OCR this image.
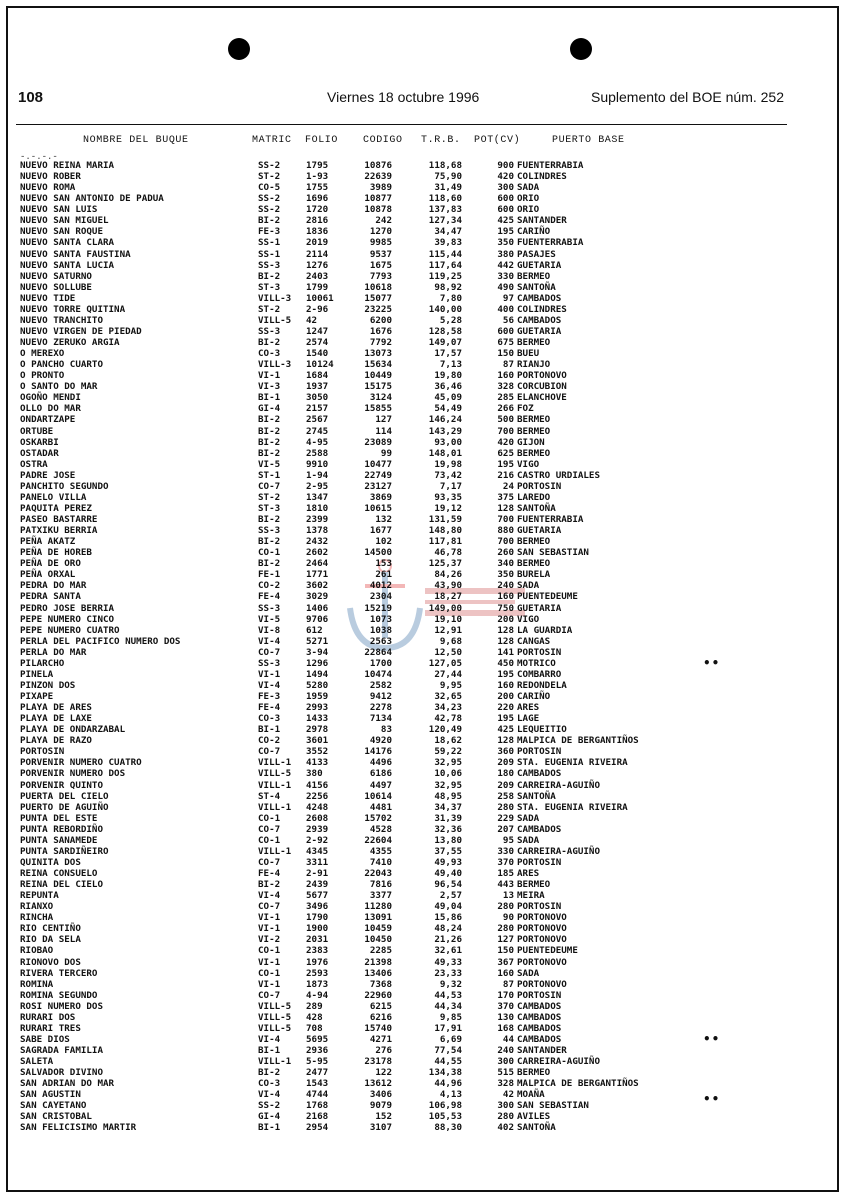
108	Viernes 18 octubre 1996	Suplemento del BOE núm. 252
NOMBRE DEL BUQUE	MATRIC FOLIO CODIGO T.R.B. POT(CV)	PUERTO BASE
-.-.-.-
NUEVO REINA MARIA	SS-2	1795	10876	118,68	900 FUENTERRABIA
NUEVO ROBER	ST-2	1-93	22639	75,90	420 COLINDRES
NUEVO ROMA	CO-5	1755	3989	31,49	300 SADA
NUEVO SAN ANTONIO DE PADUA	SS-2	1696	10877	118,60	600 ORIO
NUEVO SAN LUIS	SS-2	1720	10878	137,83	600 ORIO
NUEVO SAN MIGUEL	BI-2	2816	242	127,34	425 SANTANDER
NUEVO SAN ROQUE	FE-3	1836	1270	34,47	195 CARIÑO
NUEVO SANTA CLARA	SS-1	2019	9985	39,83	350 FUENTERRABIA
NUEVO SANTA FAUSTINA	SS-1	2114	9537	115,44	380 PASAJES
NUEVO SANTA LUCIA	SS-3	1276	1675	117,64	442 GUETARIA
NUEVO SATURNO	BI-2	2403	7793	119,25	330 BERMEO
NUEVO SOLLUBE	ST-3	1799	10618	98,92	490 SANTOÑA
NUEVO TIDE	VILL-3 10061	15077	7,80	97 CAMBADOS
NUEVO TORRE QUITINA	ST-2	2-96	23225	140,00	400 COLINDRES
NUEVO TRANCHITO	VILL-5 42	6200	5,28	56 CAMBADOS
NUEVO VIRGEN DE PIEDAD	SS-3	1247	1676	128,58	600 GUETARIA
NUEVO ZERUKO ARGIA	BI-2	2574	7792	149,07	675 BERMEO
O MEREXO	CO-3	1540	13073	17,57	150 BUEU
O PANCHO CUARTO	VILL-3 10124	15634	7,13	87 RIANJO
O PRONTO	VI-1	1684	10449	19,80	160 PORTONOVO
O SANTO DO MAR	VI-3	1937	15175	36,46	328 CORCUBION
OGOÑO MENDI	BI-1	3050	3124	45,09	285 ELANCHOVE
OLLO DO MAR	GI-4	2157	15855	54,49	266 FOZ
ONDARTZAPE	BI-2	2567	127	146,24	500 BERMEO
ORTUBE	BI-2	2745	114	143,29	700 BERMEO
OSKARBI	BI-2	4-95	23089	93,00	420 GIJON
OSTADAR	BI-2	2588	99	148,01	625 BERMEO
OSTRA	VI-5	9910	10477	19,98	195 VIGO
PADRE JOSE	ST-1	1-94	22749	73,42	216 CASTRO URDIALES
PANCHITO SEGUNDO	CO-7	2-95	23127	7,17	24 PORTOSIN
PANELO VILLA	ST-2	1347	3869	93,35	375 LAREDO
PAQUITA PEREZ	ST-3	1810	10615	19,12	128 SANTOÑA
PASEO BASTARRE	BI-2	2399	132	131,59	700 FUENTERRABIA
PATXIKU BERRIA	SS-3	1378	1677	148,80	880 GUETARIA
PEÑA AKATZ	BI-2	2432	102	117,81	700 BERMEO
PEÑA DE HOREB	CO-1	2602	14500	46,78	260 SAN SEBASTIAN
PEÑA DE ORO	BI-2	2464	153	125,37	340 BERMEO
PEÑA ORXAL	FE-1	1771	261	84,26	350 BURELA
PEDRA DO MAR	CO-2	3602	4012	43,90	240 SADA
PEDRA SANTA	FE-4	3029	2304	18,27	160 PUENTEDEUME
PEDRO JOSE BERRIA	SS-3	1406	15219	149,00	750 GUETARIA
PEPE NUMERO CINCO	VI-5	9706	1073	19,10	200 VIGO
PEPE NUMERO CUATRO	VI-8	612	1038	12,91	128 LA GUARDIA
PERLA DEL PACIFICO NUMERO DOS	VI-4	5271	2563	9,68	128 CANGAS
PERLA DO MAR	CO-7	3-94	22864	12,50	141 PORTOSIN
PILARCHO	SS-3	1296	1700	127,05	450 MOTRICO
PINELA	VI-1	1494	10474	27,44	195 COMBARRO
PINZON DOS	VI-4	5280	2582	9,95	160 REDONDELA
PIXAPE	FE-3	1959	9412	32,65	200 CARIÑO
PLAYA DE ARES	FE-4	2993	2278	34,23	220 ARES
PLAYA DE LAXE	CO-3	1433	7134	42,78	195 LAGE
PLAYA DE ONDARZABAL	BI-1	2978	83	120,49	425 LEQUEITIO
PLAYA DE RAZO	CO-2	3601	4920	18,62	128 MALPICA DE BERGANTIÑOS
PORTOSIN	CO-7	3552	14176	59,22	360 PORTOSIN
PORVENIR NUMERO CUATRO	VILL-1 4133	4496	32,95	209 STA. EUGENIA RIVEIRA
PORVENIR NUMERO DOS	VILL-5 380	6186	10,06	180 CAMBADOS
PORVENIR QUINTO	VILL-1 4156	4497	32,95	209 CARREIRA-AGUIÑO
PUERTA DEL CIELO	ST-4	2256	10614	48,95	258 SANTOÑA
PUERTO DE AGUIÑO	VILL-1 4248	4481	34,37	280 STA. EUGENIA RIVEIRA
PUNTA DEL ESTE	CO-1	2608	15702	31,39	229 SADA
PUNTA REBORDIÑO	CO-7	2939	4528	32,36	207 CAMBADOS
PUNTA SANAMEDE	CO-1	2-92	22604	13,80	95 SADA
PUNTA SARDIÑEIRO	VILL-1 4345	4355	37,55	330 CARREIRA-AGUIÑO
QUINITA DOS	CO-7	3311	7410	49,93	370 PORTOSIN
REINA CONSUELO	FE-4	2-91	22043	49,40	185 ARES
REINA DEL CIELO	BI-2	2439	7816	96,54	443 BERMEO
REPUNTA	VI-4	5677	3377	2,57	13 MEIRA
RIANXO	CO-7	3496	11280	49,04	280 PORTOSIN
RINCHA	VI-1	1790	13091	15,86	90 PORTONOVO
RIO CENTIÑO	VI-1	1900	10459	48,24	280 PORTONOVO
RIO DA SELA	VI-2	2031	10450	21,26	127 PORTONOVO
RIOBAO	CO-1	2383	2285	32,61	150 PUENTEDEUME
RIONOVO DOS	VI-1	1976	21398	49,33	367 PORTONOVO
RIVERA TERCERO	CO-1	2593	13406	23,33	160 SADA
ROMINA	VI-1	1873	7368	9,32	87 PORTONOVO
ROMINA SEGUNDO	CO-7	4-94	22960	44,53	170 PORTOSIN
ROSI NUMERO DOS	VILL-5 289	6215	44,34	370 CAMBADOS
RURARI DOS	VILL-5 428	6216	9,85	130 CAMBADOS
RURARI TRES	VILL-5 708	15740	17,91	168 CAMBADOS
SABE DIOS	VI-4	5695	4271	6,69	44 CAMBADOS
SAGRADA FAMILIA	BI-1	2936	276	77,54	240 SANTANDER
SALETA	VILL-1 5-95	23178	44,55	300 CARREIRA-AGUIÑO
SALVADOR DIVINO	BI-2	2477	122	134,38	515 BERMEO
SAN ADRIAN DO MAR	CO-3	1543	13612	44,96	328 MALPICA DE BERGANTIÑOS
SAN AGUSTIN	VI-4	4744	3406	4,13	42 MOAÑA
SAN CAYETANO	SS-2	1768	9079	106,98	300 SAN SEBASTIAN
SAN CRISTOBAL	GI-4	2168	152	105,53	280 AVILES
SAN FELICISIMO MARTIR	BI-1	2954	3107	88,30	402 SANTOÑA
••
••
••
